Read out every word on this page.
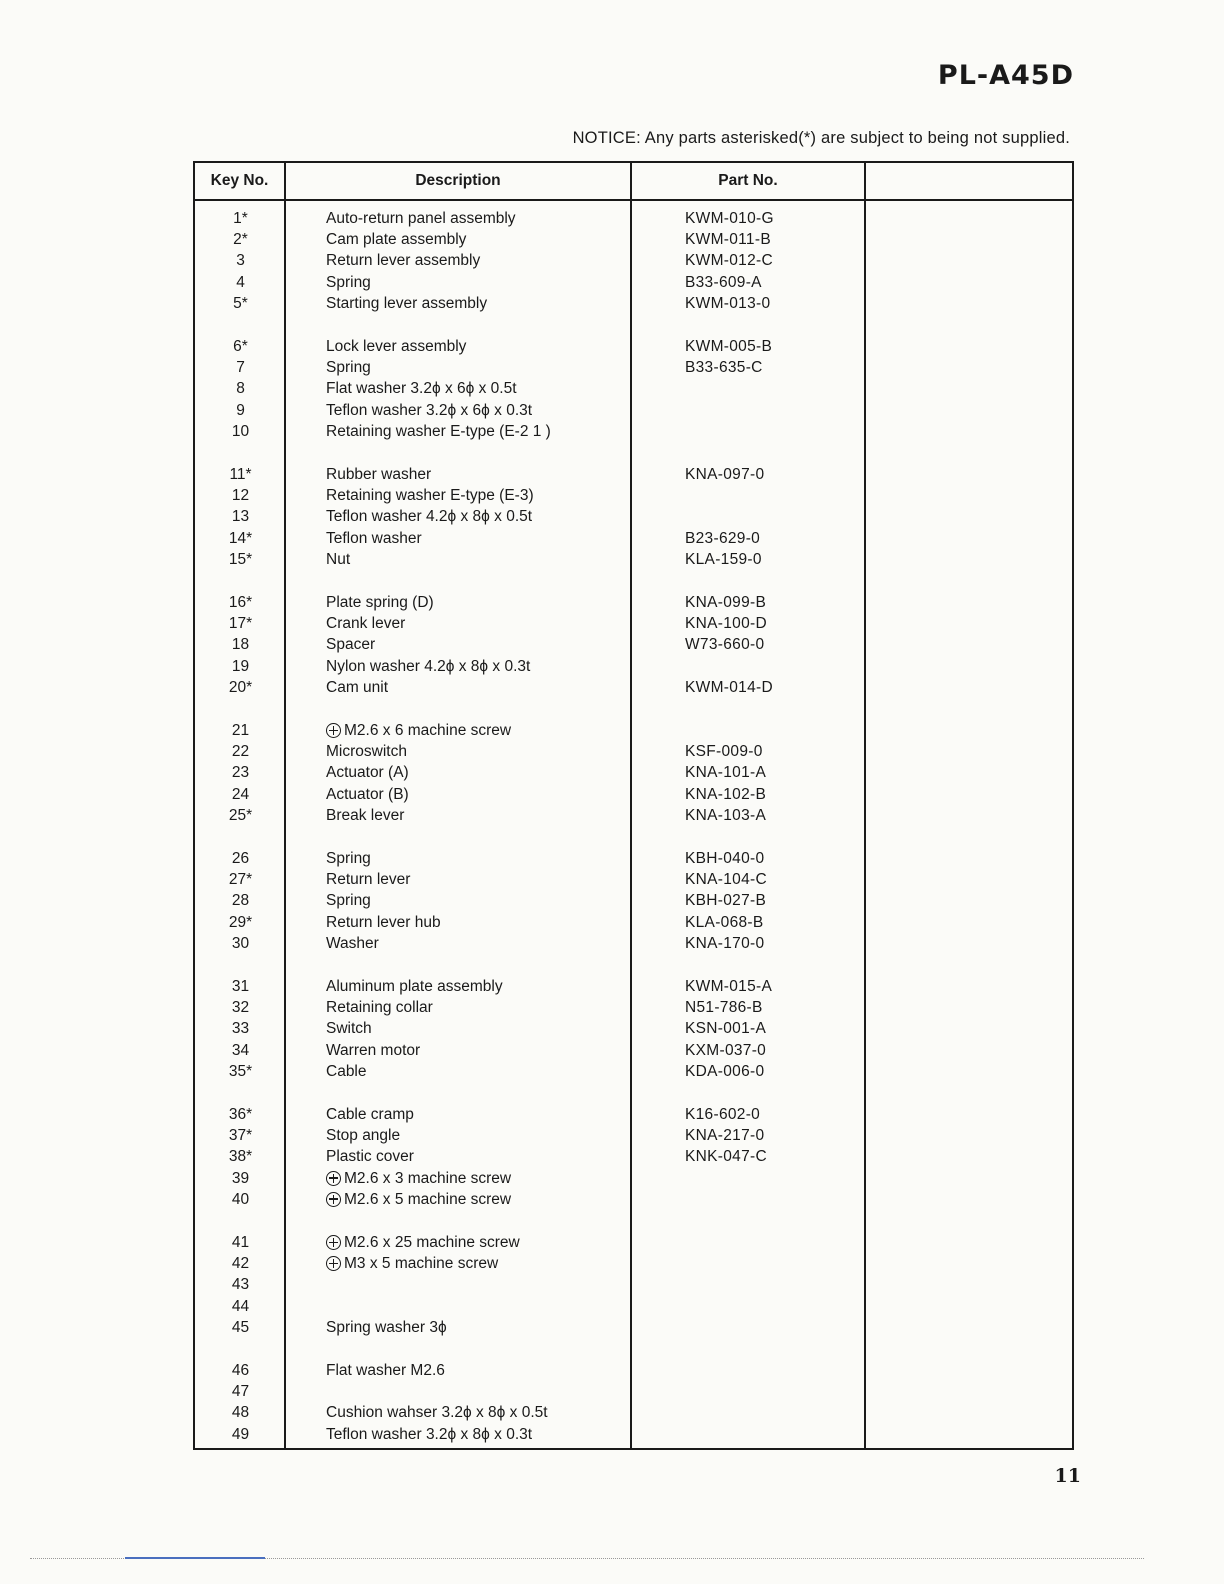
PL-A45D
NOTICE: Any parts asterisked(*) are subject to being not supplied.
Key No.	Description	Part No.
1*	Auto-return panel assembly	KWM-010-G
2*	Cam plate assembly	KWM-011-B
3	Return lever assembly	KWM-012-C
4	Spring	B33-609-A
5*	Starting lever assembly	KWM-013-0
6*	Lock lever assembly	KWM-005-B
7	Spring	B33-635-C
8	Flat washer 3.2ϕ x 6ϕ x 0.5t
9	Teflon washer 3.2ϕ x 6ϕ x 0.3t
10	Retaining washer E-type (E-2 1 )
11*	Rubber washer	KNA-097-0
12	Retaining washer E-type (E-3)
13	Teflon washer 4.2ϕ x 8ϕ x 0.5t
14*	Teflon washer	B23-629-0
15*	Nut	KLA-159-0
16*	Plate spring (D)	KNA-099-B
17*	Crank lever	KNA-100-D
18	Spacer	W73-660-0
19	Nylon washer 4.2ϕ x 8ϕ x 0.3t
20*	Cam unit	KWM-014-D
21	M2.6 x 6 machine screw
22	Microswitch	KSF-009-0
23	Actuator (A)	KNA-101-A
24	Actuator (B)	KNA-102-B
25*	Break lever	KNA-103-A
26	Spring	KBH-040-0
27*	Return lever	KNA-104-C
28	Spring	KBH-027-B
29*	Return lever hub	KLA-068-B
30	Washer	KNA-170-0
31	Aluminum plate assembly	KWM-015-A
32	Retaining collar	N51-786-B
33	Switch	KSN-001-A
34	Warren motor	KXM-037-0
35*	Cable	KDA-006-0
36*	Cable cramp	K16-602-0
37*	Stop angle	KNA-217-0
38*	Plastic cover	KNK-047-C
39	M2.6 x 3 machine screw
40	M2.6 x 5 machine screw
41	M2.6 x 25 machine screw
42	M3 x 5 machine screw
43
44
45	Spring washer 3ϕ
46	Flat washer M2.6
47
48	Cushion wahser 3.2ϕ x 8ϕ x 0.5t
49	Teflon washer 3.2ϕ x 8ϕ x 0.3t
11
